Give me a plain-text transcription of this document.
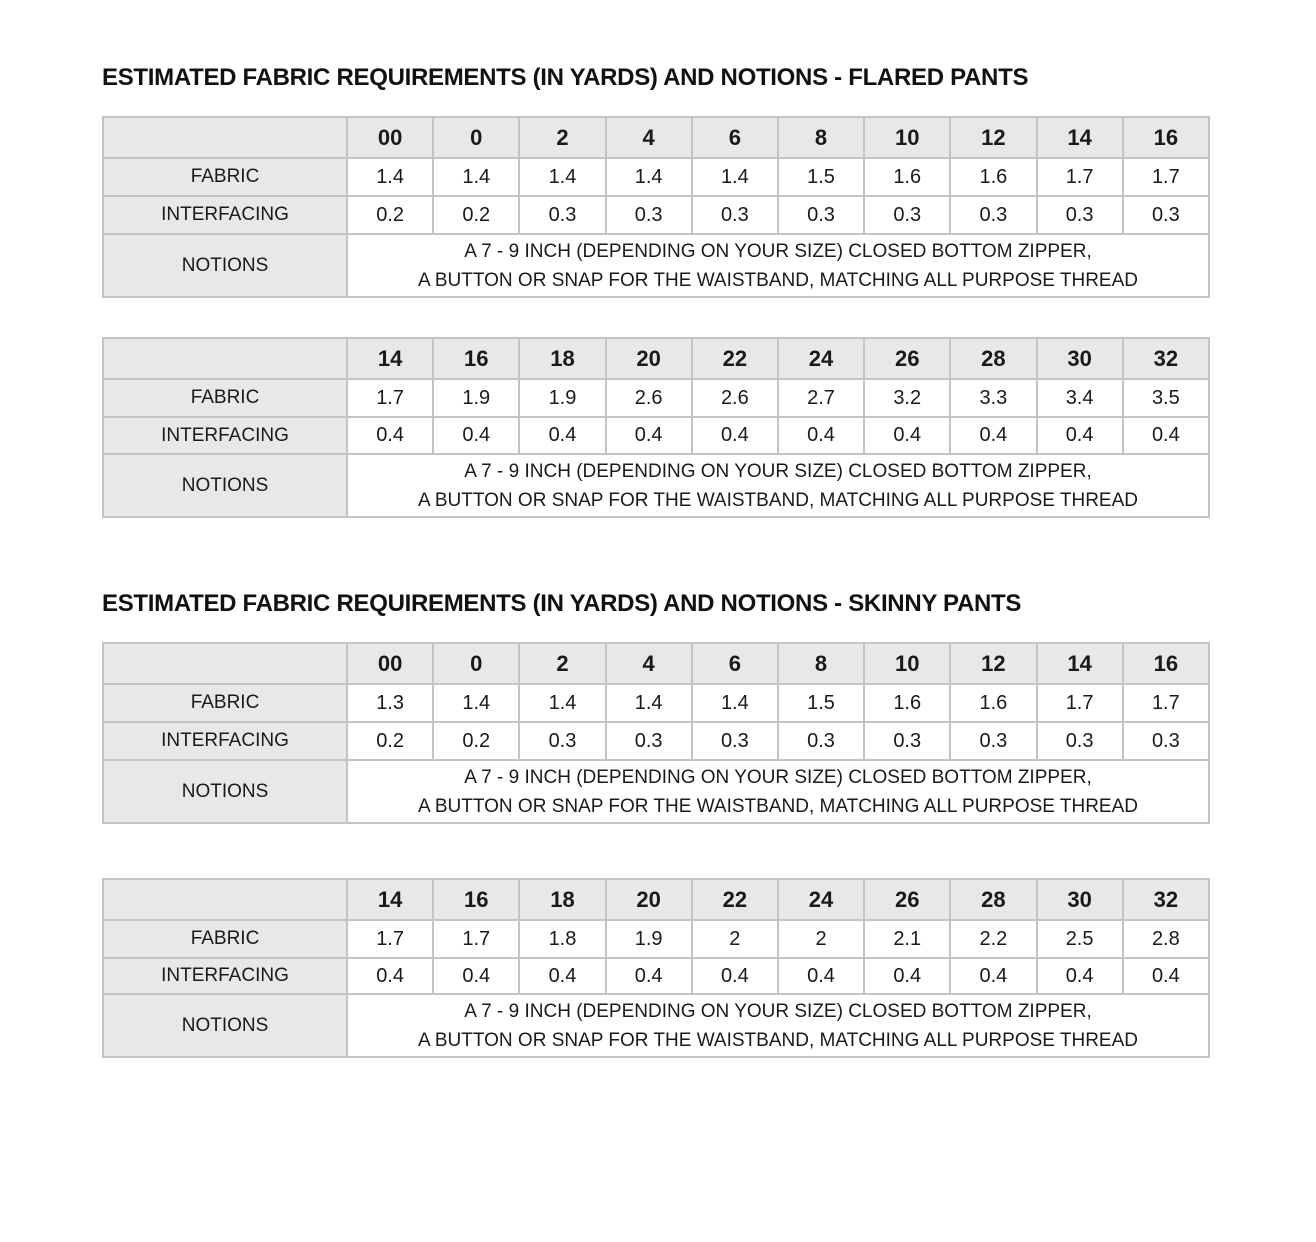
ESTIMATED FABRIC REQUIREMENTS (IN YARDS) AND NOTIONS - FLARED PANTS
	00	0	2	4	6	8	10	12	14	16
FABRIC	1.4	1.4	1.4	1.4	1.4	1.5	1.6	1.6	1.7	1.7
INTERFACING	0.2	0.2	0.3	0.3	0.3	0.3	0.3	0.3	0.3	0.3
NOTIONS	A 7 - 9 INCH (DEPENDING ON YOUR SIZE) CLOSED BOTTOM ZIPPER,
A BUTTON OR SNAP FOR THE WAISTBAND, MATCHING ALL PURPOSE THREAD									
	14	16	18	20	22	24	26	28	30	32
FABRIC	1.7	1.9	1.9	2.6	2.6	2.7	3.2	3.3	3.4	3.5
INTERFACING	0.4	0.4	0.4	0.4	0.4	0.4	0.4	0.4	0.4	0.4
NOTIONS	A 7 - 9 INCH (DEPENDING ON YOUR SIZE) CLOSED BOTTOM ZIPPER,
A BUTTON OR SNAP FOR THE WAISTBAND, MATCHING ALL PURPOSE THREAD									
ESTIMATED FABRIC REQUIREMENTS (IN YARDS) AND NOTIONS - SKINNY PANTS
	00	0	2	4	6	8	10	12	14	16
FABRIC	1.3	1.4	1.4	1.4	1.4	1.5	1.6	1.6	1.7	1.7
INTERFACING	0.2	0.2	0.3	0.3	0.3	0.3	0.3	0.3	0.3	0.3
NOTIONS	A 7 - 9 INCH (DEPENDING ON YOUR SIZE) CLOSED BOTTOM ZIPPER,
A BUTTON OR SNAP FOR THE WAISTBAND, MATCHING ALL PURPOSE THREAD									
	14	16	18	20	22	24	26	28	30	32
FABRIC	1.7	1.7	1.8	1.9	2	2	2.1	2.2	2.5	2.8
INTERFACING	0.4	0.4	0.4	0.4	0.4	0.4	0.4	0.4	0.4	0.4
NOTIONS	A 7 - 9 INCH (DEPENDING ON YOUR SIZE) CLOSED BOTTOM ZIPPER,
A BUTTON OR SNAP FOR THE WAISTBAND, MATCHING ALL PURPOSE THREAD									
